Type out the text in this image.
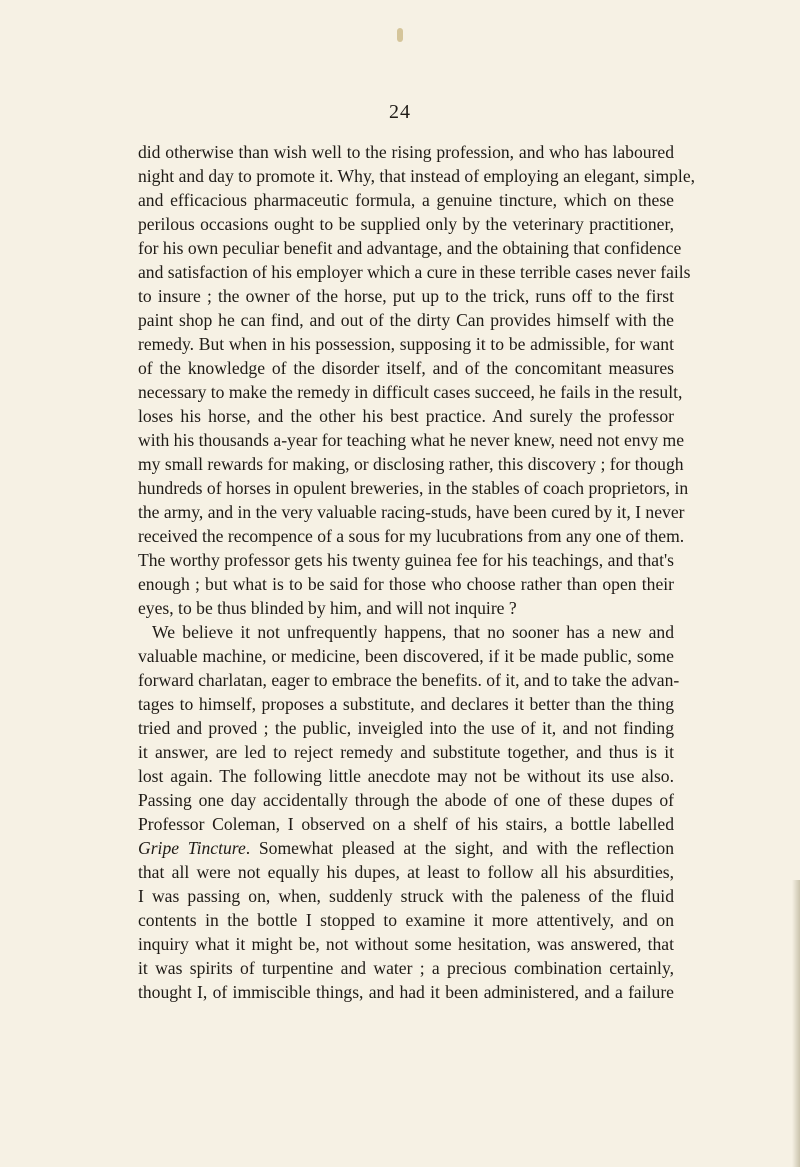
24
did otherwise than wish well to the rising profession, and who has laboured
night and day to promote it. Why, that instead of employing an elegant, simple,
and efficacious pharmaceutic formula, a genuine tincture, which on these
perilous occasions ought to be supplied only by the veterinary practitioner,
for his own peculiar benefit and advantage, and the obtaining that confidence
and satisfaction of his employer which a cure in these terrible cases never fails
to insure ; the owner of the horse, put up to the trick, runs off to the first
paint shop he can find, and out of the dirty Can provides himself with the
remedy. But when in his possession, supposing it to be admissible, for want
of the knowledge of the disorder itself, and of the concomitant measures
necessary to make the remedy in difficult cases succeed, he fails in the result,
loses his horse, and the other his best practice. And surely the professor
with his thousands a-year for teaching what he never knew, need not envy me
my small rewards for making, or disclosing rather, this discovery ; for though
hundreds of horses in opulent breweries, in the stables of coach proprietors, in
the army, and in the very valuable racing-studs, have been cured by it, I never
received the recompence of a sous for my lucubrations from any one of them.
The worthy professor gets his twenty guinea fee for his teachings, and that's
enough ; but what is to be said for those who choose rather than open their
eyes, to be thus blinded by him, and will not inquire ?
We believe it not unfrequently happens, that no sooner has a new and
valuable machine, or medicine, been discovered, if it be made public, some
forward charlatan, eager to embrace the benefits. of it, and to take the advan-
tages to himself, proposes a substitute, and declares it better than the thing
tried and proved ; the public, inveigled into the use of it, and not finding
it answer, are led to reject remedy and substitute together, and thus is it
lost again. The following little anecdote may not be without its use also.
Passing one day accidentally through the abode of one of these dupes of
Professor Coleman, I observed on a shelf of his stairs, a bottle labelled
Gripe Tincture. Somewhat pleased at the sight, and with the reflection
that all were not equally his dupes, at least to follow all his absurdities,
I was passing on, when, suddenly struck with the paleness of the fluid
contents in the bottle I stopped to examine it more attentively, and on
inquiry what it might be, not without some hesitation, was answered, that
it was spirits of turpentine and water ; a precious combination certainly,
thought I, of immiscible things, and had it been administered, and a failure
